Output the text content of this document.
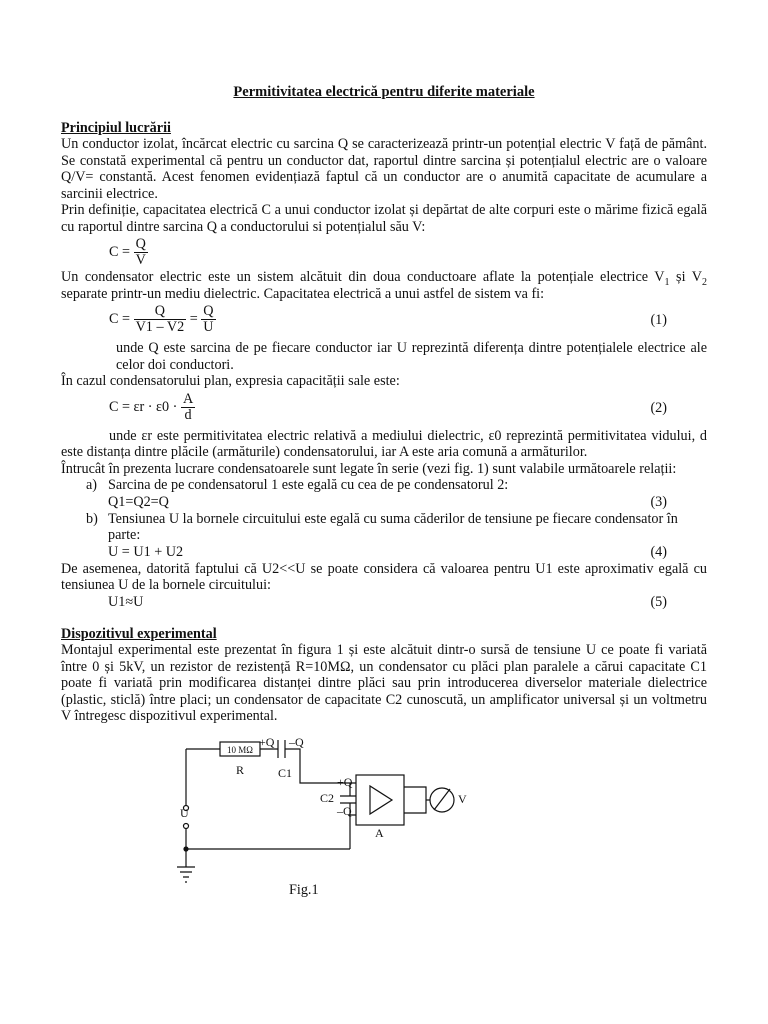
Permitivitatea electrică pentru diferite materiale
Principiul lucrării

Un conductor izolat, încărcat electric cu sarcina Q se caracterizează printr-un potențial electric V față de pământ. Se constată experimental că pentru un conductor dat, raportul dintre sarcina și potențialul electric are o valoare Q/V= constantă. Acest fenomen evidențiază faptul că un conductor are o anumită capacitate de acumulare a sarcinii electrice.

Prin definiție, capacitatea electrică C a unui conductor izolat și depărtat de alte corpuri este o mărime fizică egală cu raportul dintre sarcina Q a conductorului si potențialul său V:

$C = \frac{Q}{V}$

Un condensator electric este un sistem alcătuit din doua conductoare aflate la potențiale electrice $V_1$ și $V_2$ separate printr-un mediu dielectric. Capacitatea electrică a unui astfel de sistem va fi:

$C = \frac{Q}{V1 - V2} = \frac{Q}{U}$	(1)

unde Q este sarcina de pe fiecare conductor iar U reprezintă diferența dintre potențialele electrice ale celor doi conductori.

În cazul condensatorului plan, expresia capacității sale este:

$C = \varepsilon r \cdot \varepsilon 0 \cdot \frac{A}{d}$	(2)

unde εr este permitivitatea electric relativă a mediului dielectric, ε0 reprezintă permitivitatea vidului, d este distanța dintre plăcile (armăturile) condensatorului, iar A este aria comună a armăturilor.

Întrucât în prezenta lucrare condensatoarele sunt legate în serie (vezi fig. 1) sunt valabile următoarele relații:

a) Sarcina de pe condensatorul 1 este egală cu cea de pe condensatorul 2:
Q1=Q2=Q	(3)
b) Tensiunea U la bornele circuitului este egală cu suma căderilor de tensiune pe fiecare condensator în parte:
U = U1 + U2	(4)

De asemenea, datorită faptului că U2<<U se poate considera că valoarea pentru U1 este aproximativ egală cu tensiunea U de la bornele circuitului:

U1≈U	(5)
Dispozitivul experimental

Montajul experimental este prezentat în figura 1 și este alcătuit dintr-o sursă de tensiune U ce poate fi variată între 0 și 5kV, un rezistor de rezistență R=10MΩ, un condensator cu plăci plan paralele a cărui capacitate C1 poate fi variată prin modificarea distanței dintre plăci sau prin introducerea diverselor materiale dielectrice (plastic, sticlă) între placi; un condensator de capacitate C2 cunoscută, un amplificator universal și un voltmetru V întregesc dispozitivul experimental.

10 MΩ
R
+Q –Q
C1
+Q
–Q
C2
U
A
V
Fig.1
